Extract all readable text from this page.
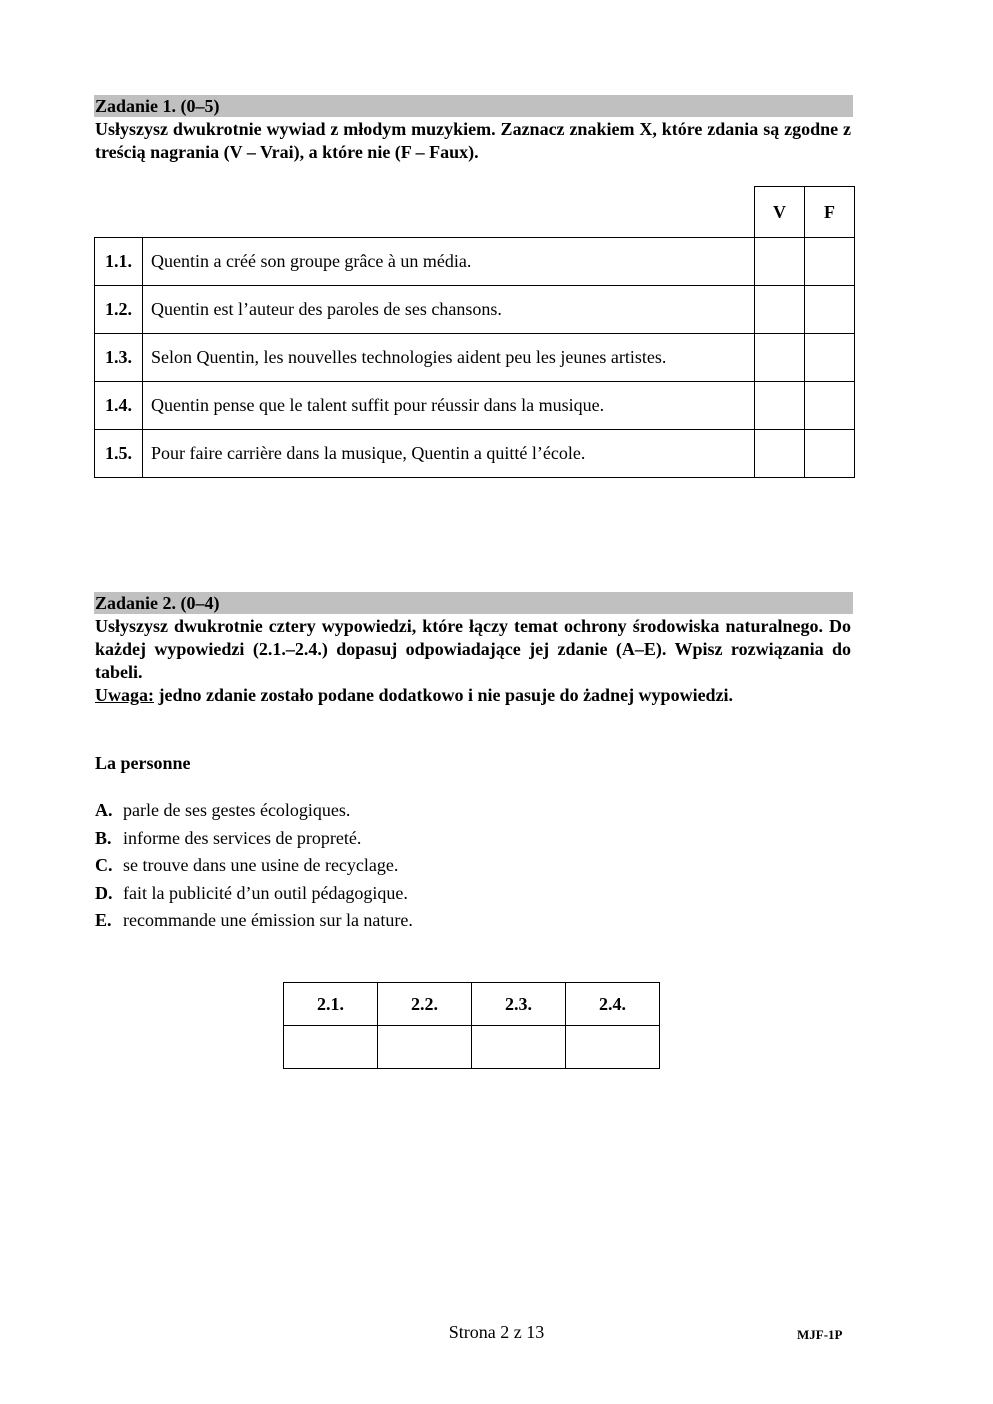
Zadanie 1. (0–5)

Usłyszysz dwukrotnie wywiad z młodym muzykiem. Zaznacz znakiem X, które zdania są zgodne z treścią nagrania (V – Vrai), a które nie (F – Faux).

		V	F
1.1.	Quentin a créé son groupe grâce à un média.		
1.2.	Quentin est l’auteur des paroles de ses chansons.		
1.3.	Selon Quentin, les nouvelles technologies aident peu les jeunes artistes.		
1.4.	Quentin pense que le talent suffit pour réussir dans la musique.		
1.5.	Pour faire carrière dans la musique, Quentin a quitté l’école.		
Zadanie 2. (0–4)

Usłyszysz dwukrotnie cztery wypowiedzi, które łączy temat ochrony środowiska naturalnego. Do każdej wypowiedzi (2.1.–2.4.) dopasuj odpowiadające jej zdanie (A–E). Wpisz rozwiązania do tabeli.

Uwaga: jedno zdanie zostało podane dodatkowo i nie pasuje do żadnej wypowiedzi.

La personne
A. parle de ses gestes écologiques.
B. informe des services de propreté.
C. se trouve dans une usine de recyclage.
D. fait la publicité d’un outil pédagogique.
E. recommande une émission sur la nature.
2.1.	2.2.	2.3.	2.4.

Strona 2 z 13	MJF-1P
